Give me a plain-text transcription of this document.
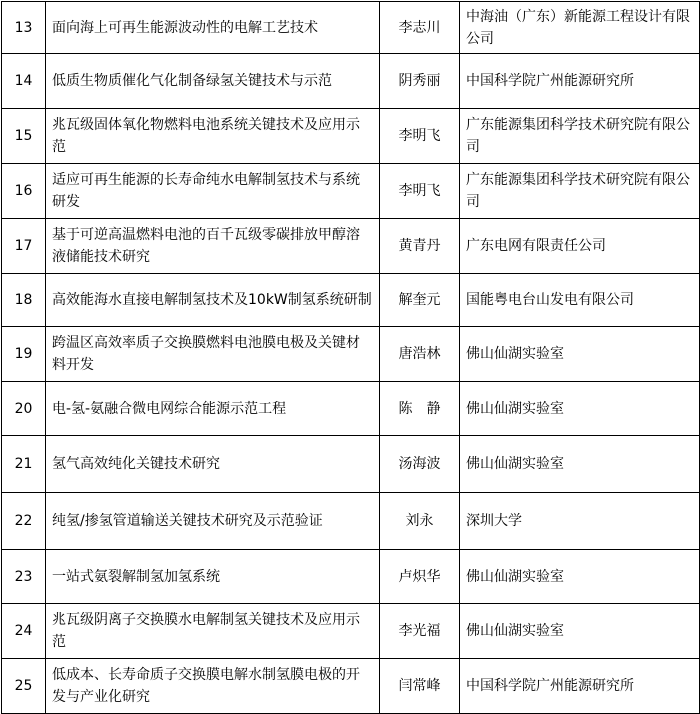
13	面向海上可再生能源波动性的电解工艺技术	李志川	中海油（广东）新能源工程设计有限公司
14	低质生物质催化气化制备绿氢关键技术与示范	阴秀丽	中国科学院广州能源研究所
15	兆瓦级固体氧化物燃料电池系统关键技术及应用示范	李明飞	广东能源集团科学技术研究院有限公司
16	适应可再生能源的长寿命纯水电解制氢技术与系统研发	李明飞	广东能源集团科学技术研究院有限公司
17	基于可逆高温燃料电池的百千瓦级零碳排放甲醇溶液储能技术研究	黄青丹	广东电网有限责任公司
18	高效能海水直接电解制氢技术及10kW制氢系统研制	解奎元	国能粤电台山发电有限公司
19	跨温区高效率质子交换膜燃料电池膜电极及关键材料开发	唐浩林	佛山仙湖实验室
20	电-氢-氨融合微电网综合能源示范工程	陈　静	佛山仙湖实验室
21	氢气高效纯化关键技术研究	汤海波	佛山仙湖实验室
22	纯氢/掺氢管道输送关键技术研究及示范验证	刘永	深圳大学
23	一站式氨裂解制氢加氢系统	卢炽华	佛山仙湖实验室
24	兆瓦级阴离子交换膜水电解制氢关键技术及应用示范	李光福	佛山仙湖实验室
25	低成本、长寿命质子交换膜电解水制氢膜电极的开发与产业化研究	闫常峰	中国科学院广州能源研究所
